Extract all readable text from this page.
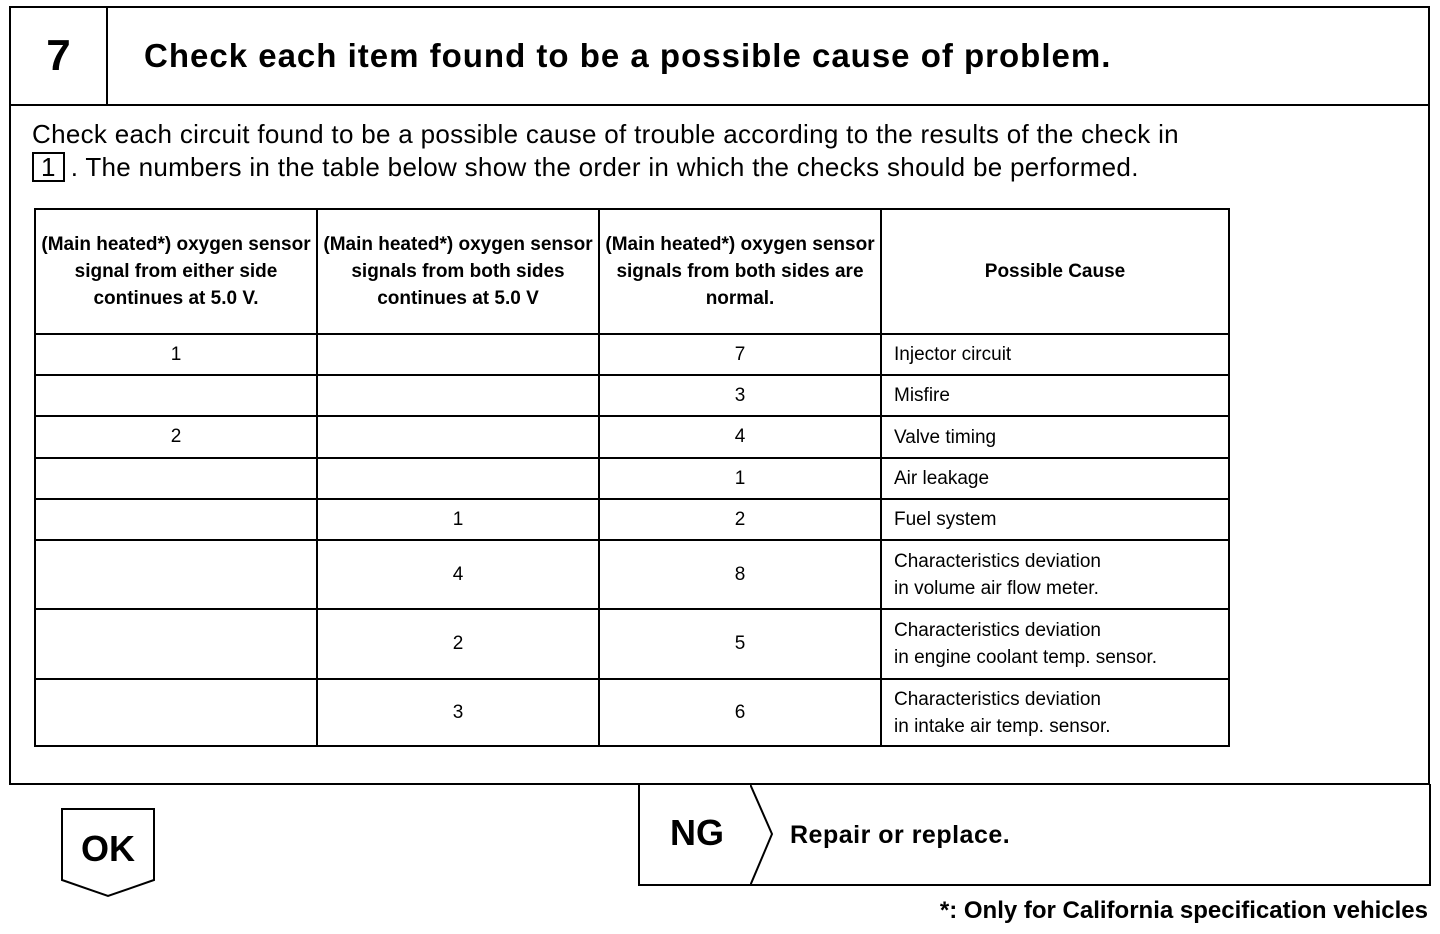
7	Check each item found to be a possible cause of problem.
Check each circuit found to be a possible cause of trouble according to the results of the check in
1 . The numbers in the table below show the order in which the checks should be performed.
(Main heated*) oxygen sensor signal from either side continues at 5.0 V.	(Main heated*) oxygen sensor signals from both sides continues at 5.0 V	(Main heated*) oxygen sensor signals from both sides are normal.	Possible Cause
1		7	Injector circuit
		3	Misfire
2		4	Valve timing
		1	Air leakage
	1	2	Fuel system
	4	8	Characteristics deviation
in volume air flow meter.
	2	5	Characteristics deviation
in engine coolant temp. sensor.
	3	6	Characteristics deviation
in intake air temp. sensor.
OK	NG	Repair or replace.
*: Only for California specification vehicles
